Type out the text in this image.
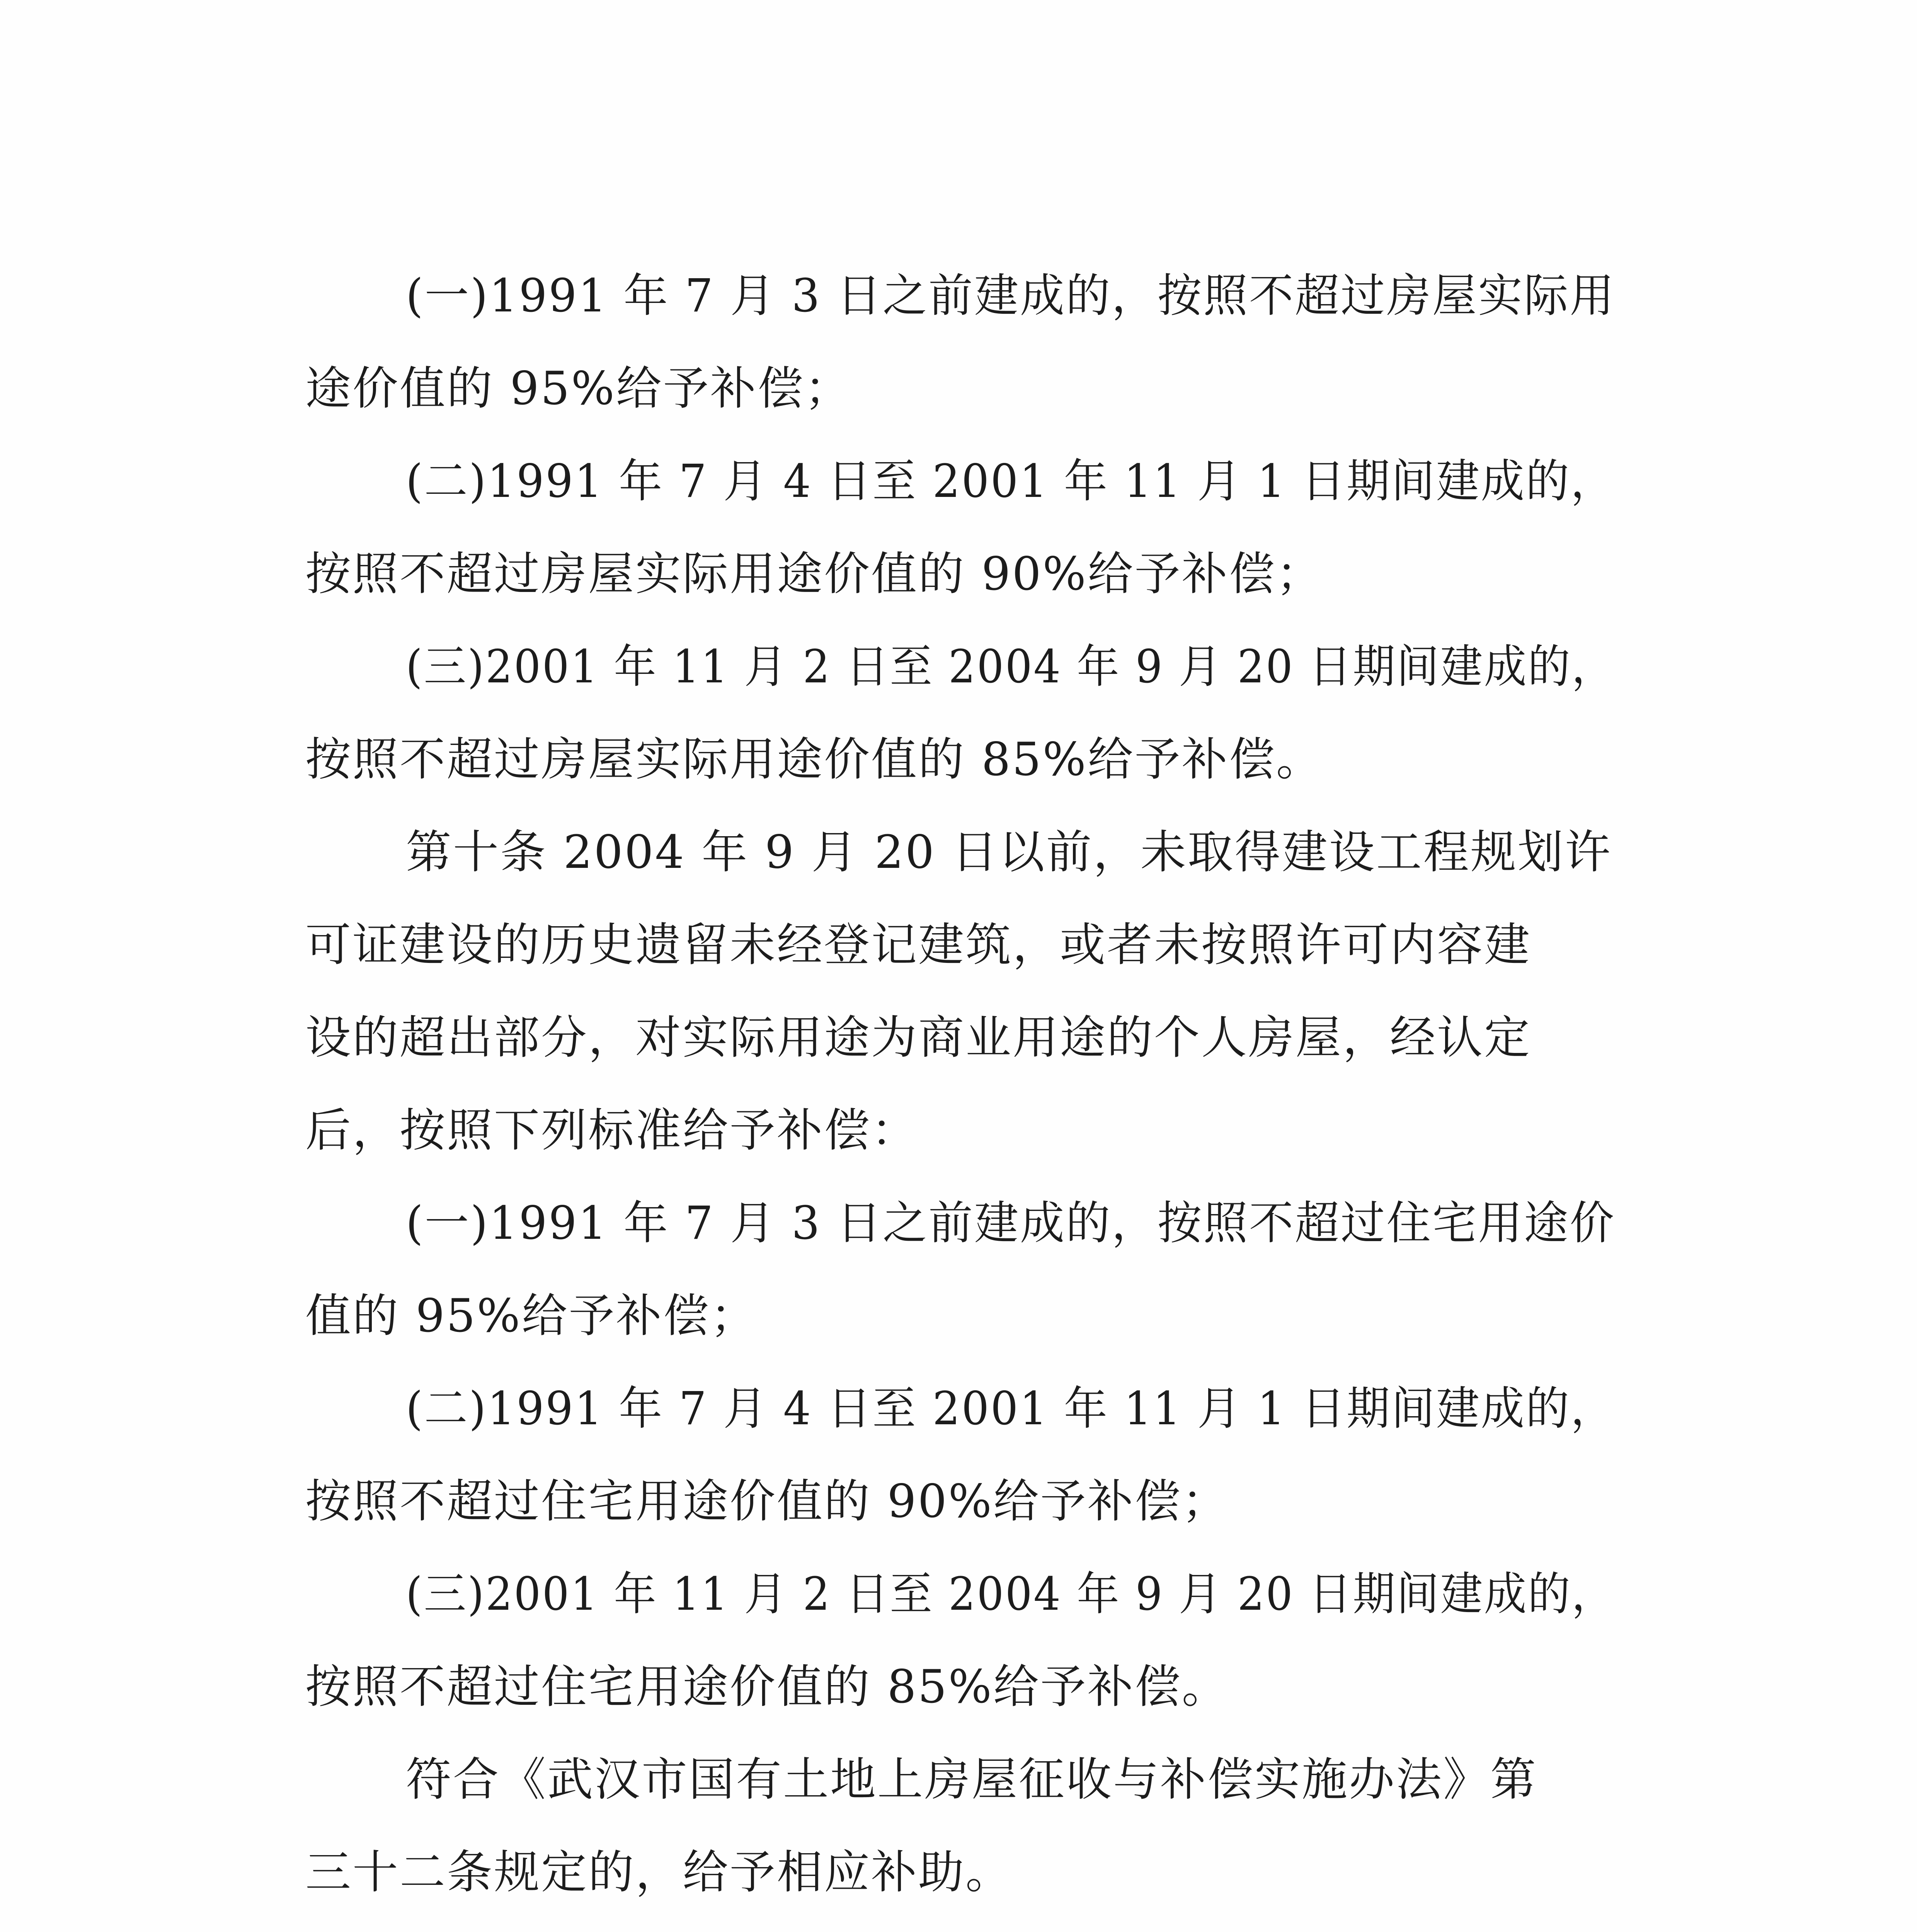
(一)1991 年 7 月 3 日之前建成的，按照不超过房屋实际用
途价值的 95%给予补偿；
(二)1991 年 7 月 4 日至 2001 年 11 月 1 日期间建成的，
按照不超过房屋实际用途价值的 90%给予补偿；
(三)2001 年 11 月 2 日至 2004 年 9 月 20 日期间建成的，
按照不超过房屋实际用途价值的 85%给予补偿。
第十条 2004 年 9 月 20 日以前，未取得建设工程规划许
可证建设的历史遗留未经登记建筑，或者未按照许可内容建
设的超出部分，对实际用途为商业用途的个人房屋，经认定
后，按照下列标准给予补偿：
(一)1991 年 7 月 3 日之前建成的，按照不超过住宅用途价
值的 95%给予补偿；
(二)1991 年 7 月 4 日至 2001 年 11 月 1 日期间建成的，
按照不超过住宅用途价值的 90%给予补偿；
(三)2001 年 11 月 2 日至 2004 年 9 月 20 日期间建成的，
按照不超过住宅用途价值的 85%给予补偿。
符合《武汉市国有土地上房屋征收与补偿实施办法》第
三十二条规定的，给予相应补助。
